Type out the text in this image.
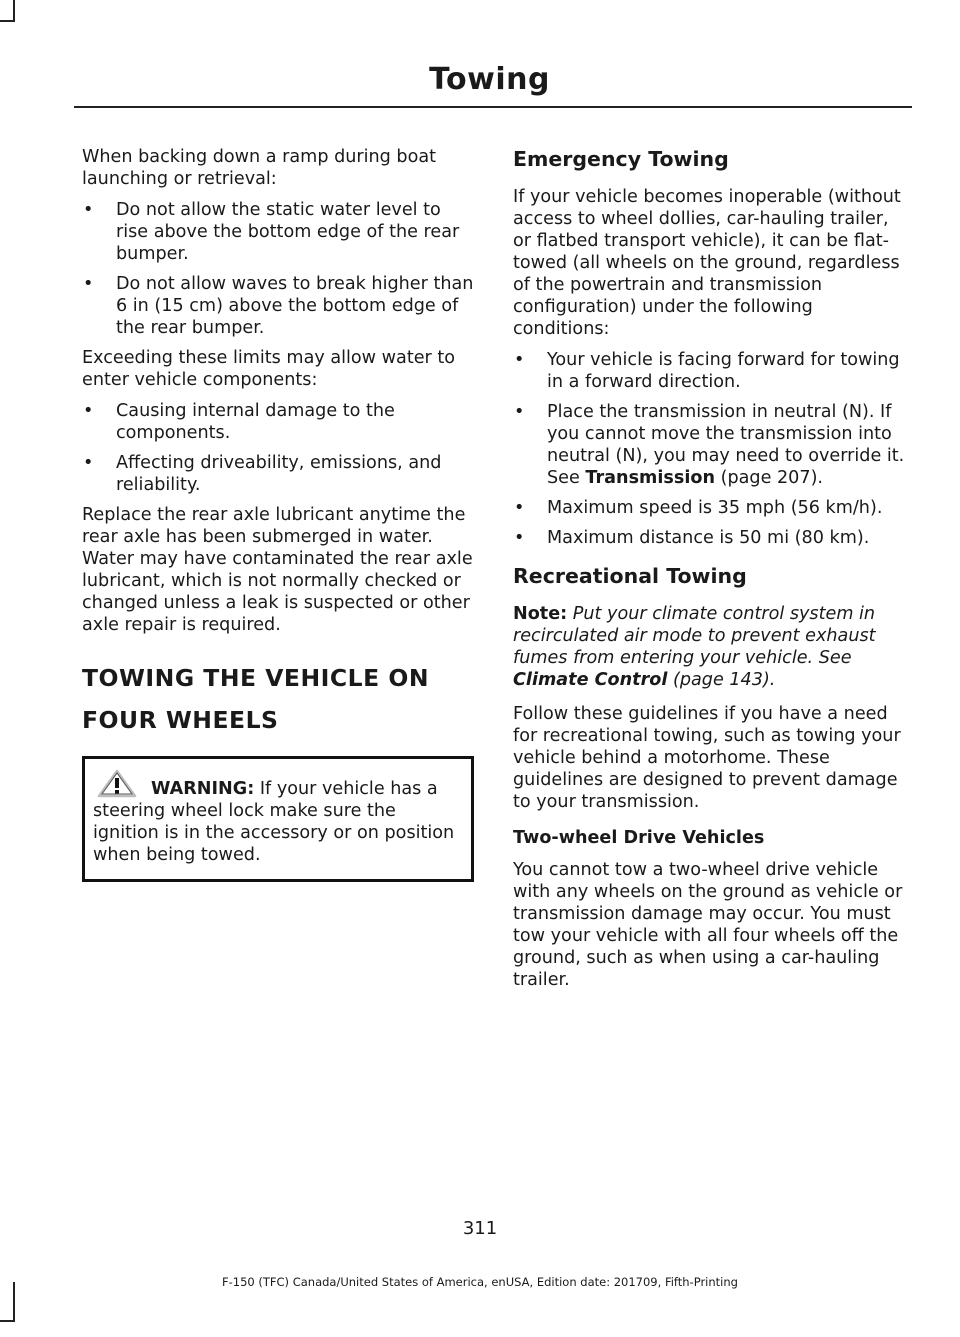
Towing

When backing down a ramp during boat launching or retrieval:

• Do not allow the static water level to rise above the bottom edge of the rear bumper.
• Do not allow waves to break higher than 6 in (15 cm) above the bottom edge of the rear bumper.

Exceeding these limits may allow water to enter vehicle components:

• Causing internal damage to the components.
• Affecting driveability, emissions, and reliability.

Replace the rear axle lubricant anytime the rear axle has been submerged in water. Water may have contaminated the rear axle lubricant, which is not normally checked or changed unless a leak is suspected or other axle repair is required.

TOWING THE VEHICLE ON
FOUR WHEELS
WARNING: If your vehicle has a steering wheel lock make sure the ignition is in the accessory or on position when being towed.
Emergency Towing

If your vehicle becomes inoperable (without access to wheel dollies, car-hauling trailer, or flatbed transport vehicle), it can be flat-towed (all wheels on the ground, regardless of the powertrain and transmission configuration) under the following conditions:

• Your vehicle is facing forward for towing in a forward direction.
• Place the transmission in neutral (N). If you cannot move the transmission into neutral (N), you may need to override it. See Transmission (page 207).
• Maximum speed is 35 mph (56 km/h).
• Maximum distance is 50 mi (80 km).
Recreational Towing

Note: Put your climate control system in recirculated air mode to prevent exhaust fumes from entering your vehicle. See Climate Control (page 143).

Follow these guidelines if you have a need for recreational towing, such as towing your vehicle behind a motorhome. These guidelines are designed to prevent damage to your transmission.

Two-wheel Drive Vehicles

You cannot tow a two-wheel drive vehicle with any wheels on the ground as vehicle or transmission damage may occur. You must tow your vehicle with all four wheels off the ground, such as when using a car-hauling trailer.

311
F-150 (TFC) Canada/United States of America, enUSA, Edition date: 201709, Fifth-Printing
